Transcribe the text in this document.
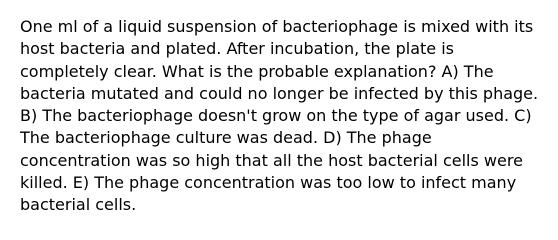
One ml of a liquid suspension of bacteriophage is mixed with its
host bacteria and plated. After incubation, the plate is
completely clear. What is the probable explanation? A) The
bacteria mutated and could no longer be infected by this phage.
B) The bacteriophage doesn't grow on the type of agar used. C)
The bacteriophage culture was dead. D) The phage
concentration was so high that all the host bacterial cells were
killed. E) The phage concentration was too low to infect many
bacterial cells.
